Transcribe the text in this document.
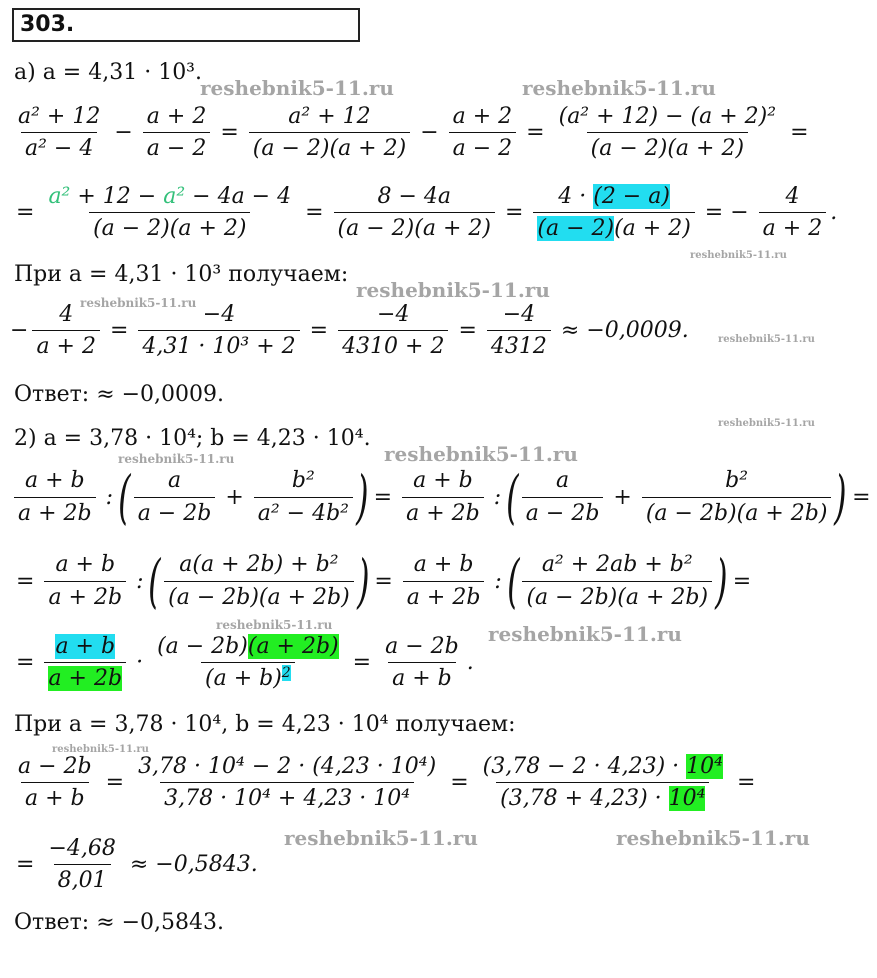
303.
а) a = 4,31 · 10³.
$\frac{\text{a² + 12}}{\text{a² − 4}} - \frac{a + 2}{a - 2} = \frac{\text{a² + 12}}{(a - 2)(a + 2)} - \frac{a + 2}{a - 2} = \frac{\text{(a² + 12) − (a + 2)²}}{(a - 2)(a + 2)}$ =
= $\frac{\text{a² + 12 − a² − 4a − 4}}{(a - 2)(a + 2)} = \frac{8 - 4a}{(a - 2)(a + 2)} = \frac{4 \cdot (2 - a)}{(a - 2)(a + 2)}$ = − $\frac{4}{a + 2}$ .
При a = 4,31 · 10³ получаем:
− $\frac{4}{a + 2} = \frac{-4}{\text{4,31 · 10³ + 2}} = \frac{-4}{4310 + 2} = \frac{-4}{4312} \approx -0,0009$.
Ответ: ≈ −0,0009.
2) a = 3,78 · 10⁴; b = 4,23 · 10⁴.
$\frac{a + b}{a + 2b}$ : ( $\frac{a}{a - 2b} + \frac{\text{b²}}{\text{a² − 4b²}}$ ) = $\frac{a + b}{a + 2b}$ : ( $\frac{a}{a - 2b} + \frac{\text{b²}}{(a - 2b)(a + 2b)}$ ) =
= $\frac{a + b}{a + 2b}$ : ( $\frac{\text{a(a + 2b) + b²}}{(a - 2b)(a + 2b)}$ ) = $\frac{a + b}{a + 2b}$ : ( $\frac{\text{a² + 2ab + b²}}{(a - 2b)(a + 2b)}$ ) =
= $\frac{a + b}{a + 2b} \cdot \frac{(a - 2b)(a + 2b)}{(a + b)^2} = \frac{a - 2b}{a + b}$ .
При a = 3,78 · 10⁴, b = 4,23 · 10⁴ получаем:
$\frac{a - 2b}{a + b} = \frac{\text{3,78 · 10⁴ − 2 · (4,23 · 10⁴)}}{\text{3,78 · 10⁴ + 4,23 · 10⁴}} = \frac{\text{(3,78 − 2 · 4,23) · 10⁴}}{\text{(3,78 + 4,23) · 10⁴}}$ =
= $\frac{-4,68}{8,01} \approx -0,5843$.
Ответ: ≈ −0,5843.
reshebnik5-11.ru	reshebnik5-11.ru
reshebnik5-11.ru
reshebnik5-11.ru
reshebnik5-11.ru
reshebnik5-11.ru
reshebnik5-11.ru
reshebnik5-11.ru
reshebnik5-11.ru
reshebnik5-11.ru	reshebnik5-11.ru
reshebnik5-11.ru
reshebnik5-11.ru	reshebnik5-11.ru
